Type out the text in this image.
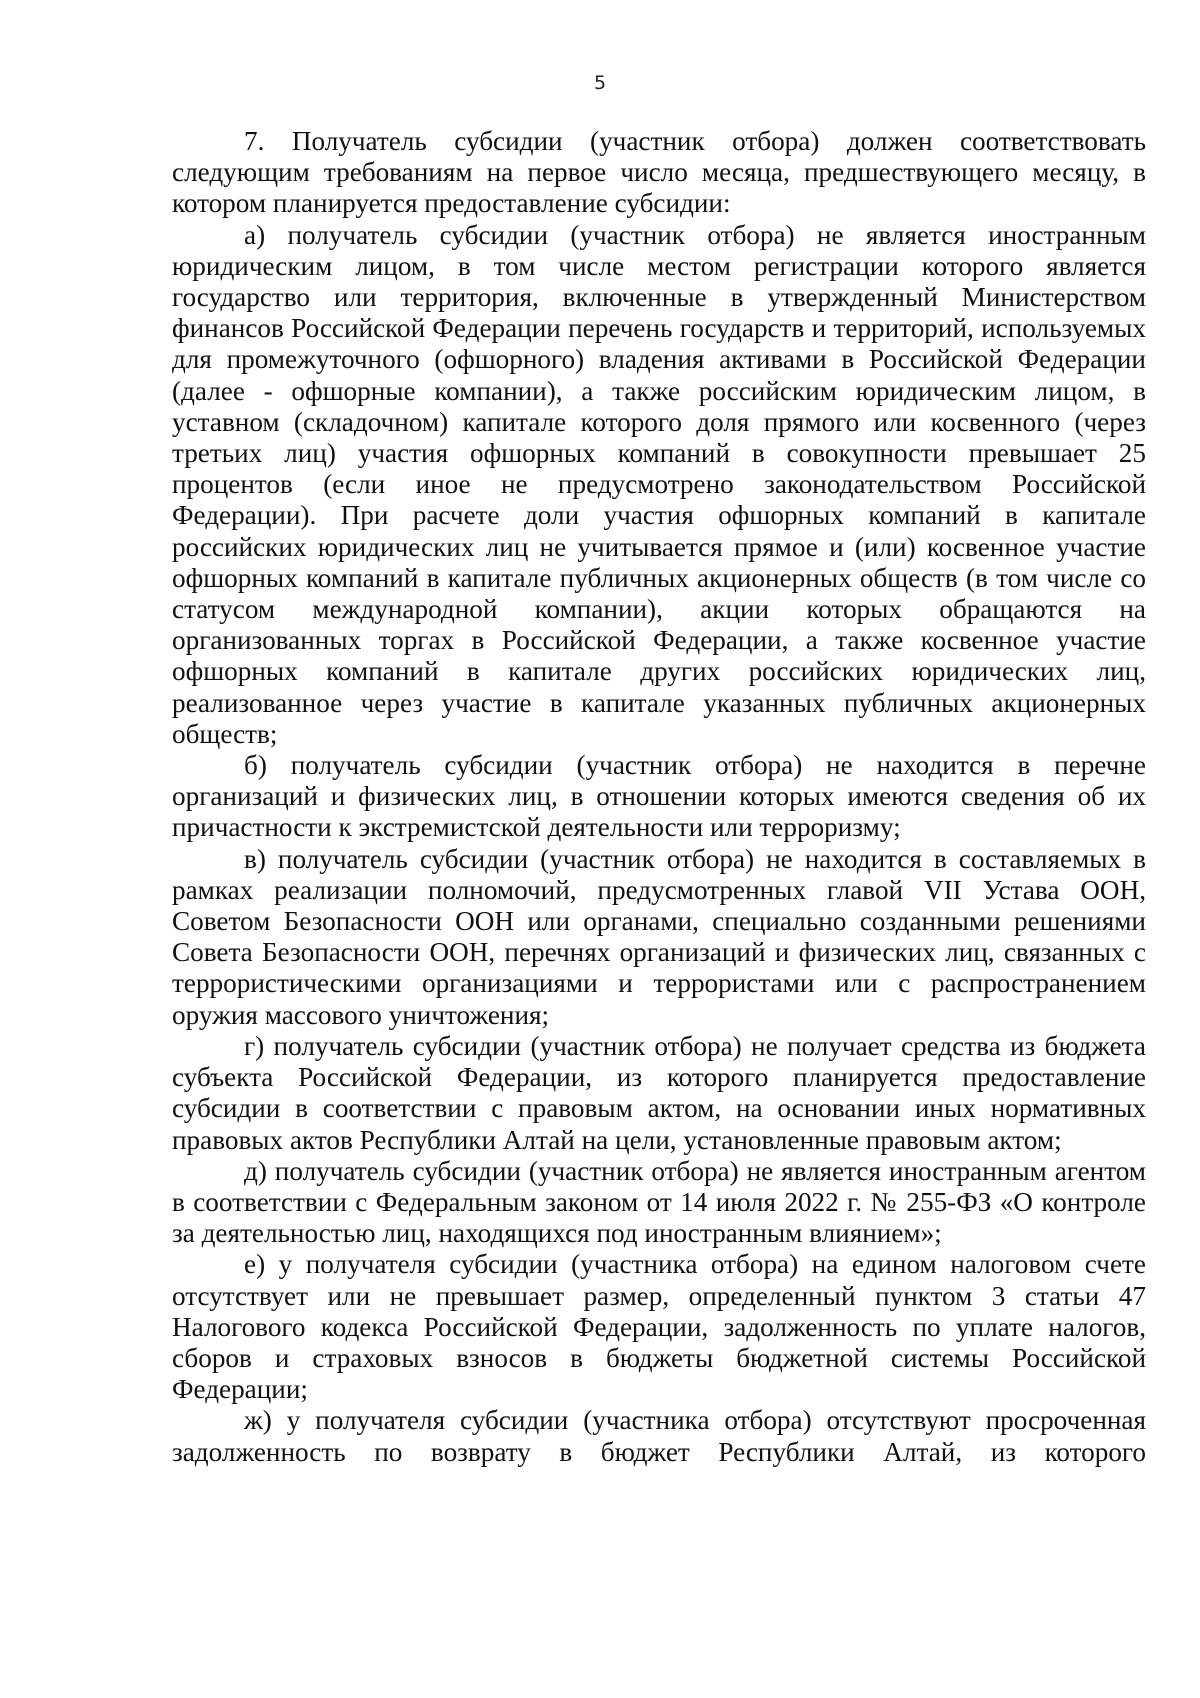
5

7. Получатель субсидии (участник отбора) должен соответствовать следующим требованиям на первое число месяца, предшествующего месяцу, в котором планируется предоставление субсидии:

а) получатель субсидии (участник отбора) не является иностранным юридическим лицом, в том числе местом регистрации которого является государство или территория, включенные в утвержденный Министерством финансов Российской Федерации перечень государств и территорий, используемых для промежуточного (офшорного) владения активами в Российской Федерации (далее - офшорные компании), а также российским юридическим лицом, в уставном (складочном) капитале которого доля прямого или косвенного (через третьих лиц) участия офшорных компаний в совокупности превышает 25 процентов (если иное не предусмотрено законодательством Российской Федерации). При расчете доли участия офшорных компаний в капитале российских юридических лиц не учитывается прямое и (или) косвенное участие офшорных компаний в капитале публичных акционерных обществ (в том числе со статусом международной компании), акции которых обращаются на организованных торгах в Российской Федерации, а также косвенное участие офшорных компаний в капитале других российских юридических лиц, реализованное через участие в капитале указанных публичных акционерных обществ;

б) получатель субсидии (участник отбора) не находится в перечне организаций и физических лиц, в отношении которых имеются сведения об их причастности к экстремистской деятельности или терроризму;

в) получатель субсидии (участник отбора) не находится в составляемых в рамках реализации полномочий, предусмотренных главой VII Устава ООН, Советом Безопасности ООН или органами, специально созданными решениями Совета Безопасности ООН, перечнях организаций и физических лиц, связанных с террористическими организациями и террористами или с распространением оружия массового уничтожения;

г) получатель субсидии (участник отбора) не получает средства из бюджета субъекта Российской Федерации, из которого планируется предоставление субсидии в соответствии с правовым актом, на основании иных нормативных правовых актов Республики Алтай на цели, установленные правовым актом;

д) получатель субсидии (участник отбора) не является иностранным агентом в соответствии с Федеральным законом от 14 июля 2022 г. № 255-ФЗ «О контроле за деятельностью лиц, находящихся под иностранным влиянием»;

е) у получателя субсидии (участника отбора) на едином налоговом счете отсутствует или не превышает размер, определенный пунктом 3 статьи 47 Налогового кодекса Российской Федерации, задолженность по уплате налогов, сборов и страховых взносов в бюджеты бюджетной системы Российской Федерации;

ж) у получателя субсидии (участника отбора) отсутствуют просроченная задолженность по возврату в бюджет Республики Алтай, из которого
